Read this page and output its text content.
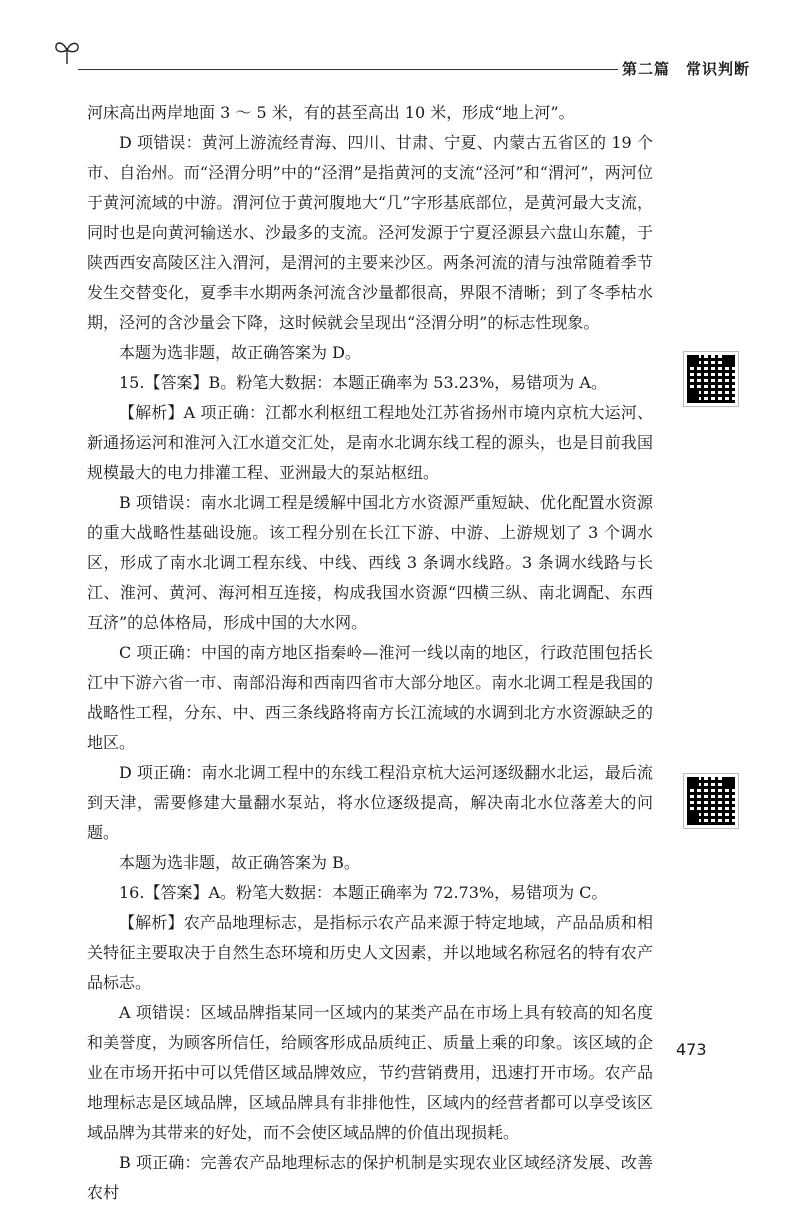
第二篇　常识判断

河床高出两岸地面 3 ～ 5 米，有的甚至高出 10 米，形成“地上河”。

D 项错误：黄河上游流经青海、四川、甘肃、宁夏、内蒙古五省区的 19 个市、自治州。而“泾渭分明”中的“泾渭”是指黄河的支流“泾河”和“渭河”，两河位于黄河流域的中游。渭河位于黄河腹地大“几”字形基底部位，是黄河最大支流，同时也是向黄河输送水、沙最多的支流。泾河发源于宁夏泾源县六盘山东麓，于陕西西安高陵区注入渭河，是渭河的主要来沙区。两条河流的清与浊常随着季节发生交替变化，夏季丰水期两条河流含沙量都很高，界限不清晰；到了冬季枯水期，泾河的含沙量会下降，这时候就会呈现出“泾渭分明”的标志性现象。

本题为选非题，故正确答案为 D。

15.【答案】B。粉笔大数据：本题正确率为 53.23%，易错项为 A。

【解析】A 项正确：江都水利枢纽工程地处江苏省扬州市境内京杭大运河、新通扬运河和淮河入江水道交汇处，是南水北调东线工程的源头，也是目前我国规模最大的电力排灌工程、亚洲最大的泵站枢纽。

B 项错误：南水北调工程是缓解中国北方水资源严重短缺、优化配置水资源的重大战略性基础设施。该工程分别在长江下游、中游、上游规划了 3 个调水区，形成了南水北调工程东线、中线、西线 3 条调水线路。3 条调水线路与长江、淮河、黄河、海河相互连接，构成我国水资源“四横三纵、南北调配、东西互济”的总体格局，形成中国的大水网。

C 项正确：中国的南方地区指秦岭—淮河一线以南的地区，行政范围包括长江中下游六省一市、南部沿海和西南四省市大部分地区。南水北调工程是我国的战略性工程，分东、中、西三条线路将南方长江流域的水调到北方水资源缺乏的地区。

D 项正确：南水北调工程中的东线工程沿京杭大运河逐级翻水北运，最后流到天津，需要修建大量翻水泵站，将水位逐级提高，解决南北水位落差大的问题。

本题为选非题，故正确答案为 B。

16.【答案】A。粉笔大数据：本题正确率为 72.73%，易错项为 C。

【解析】农产品地理标志，是指标示农产品来源于特定地域，产品品质和相关特征主要取决于自然生态环境和历史人文因素，并以地域名称冠名的特有农产品标志。

A 项错误：区域品牌指某同一区域内的某类产品在市场上具有较高的知名度和美誉度，为顾客所信任，给顾客形成品质纯正、质量上乘的印象。该区域的企业在市场开拓中可以凭借区域品牌效应，节约营销费用，迅速打开市场。农产品地理标志是区域品牌，区域品牌具有非排他性，区域内的经营者都可以享受该区域品牌为其带来的好处，而不会使区域品牌的价值出现损耗。

B 项正确：完善农产品地理标志的保护机制是实现农业区域经济发展、改善农村

473
